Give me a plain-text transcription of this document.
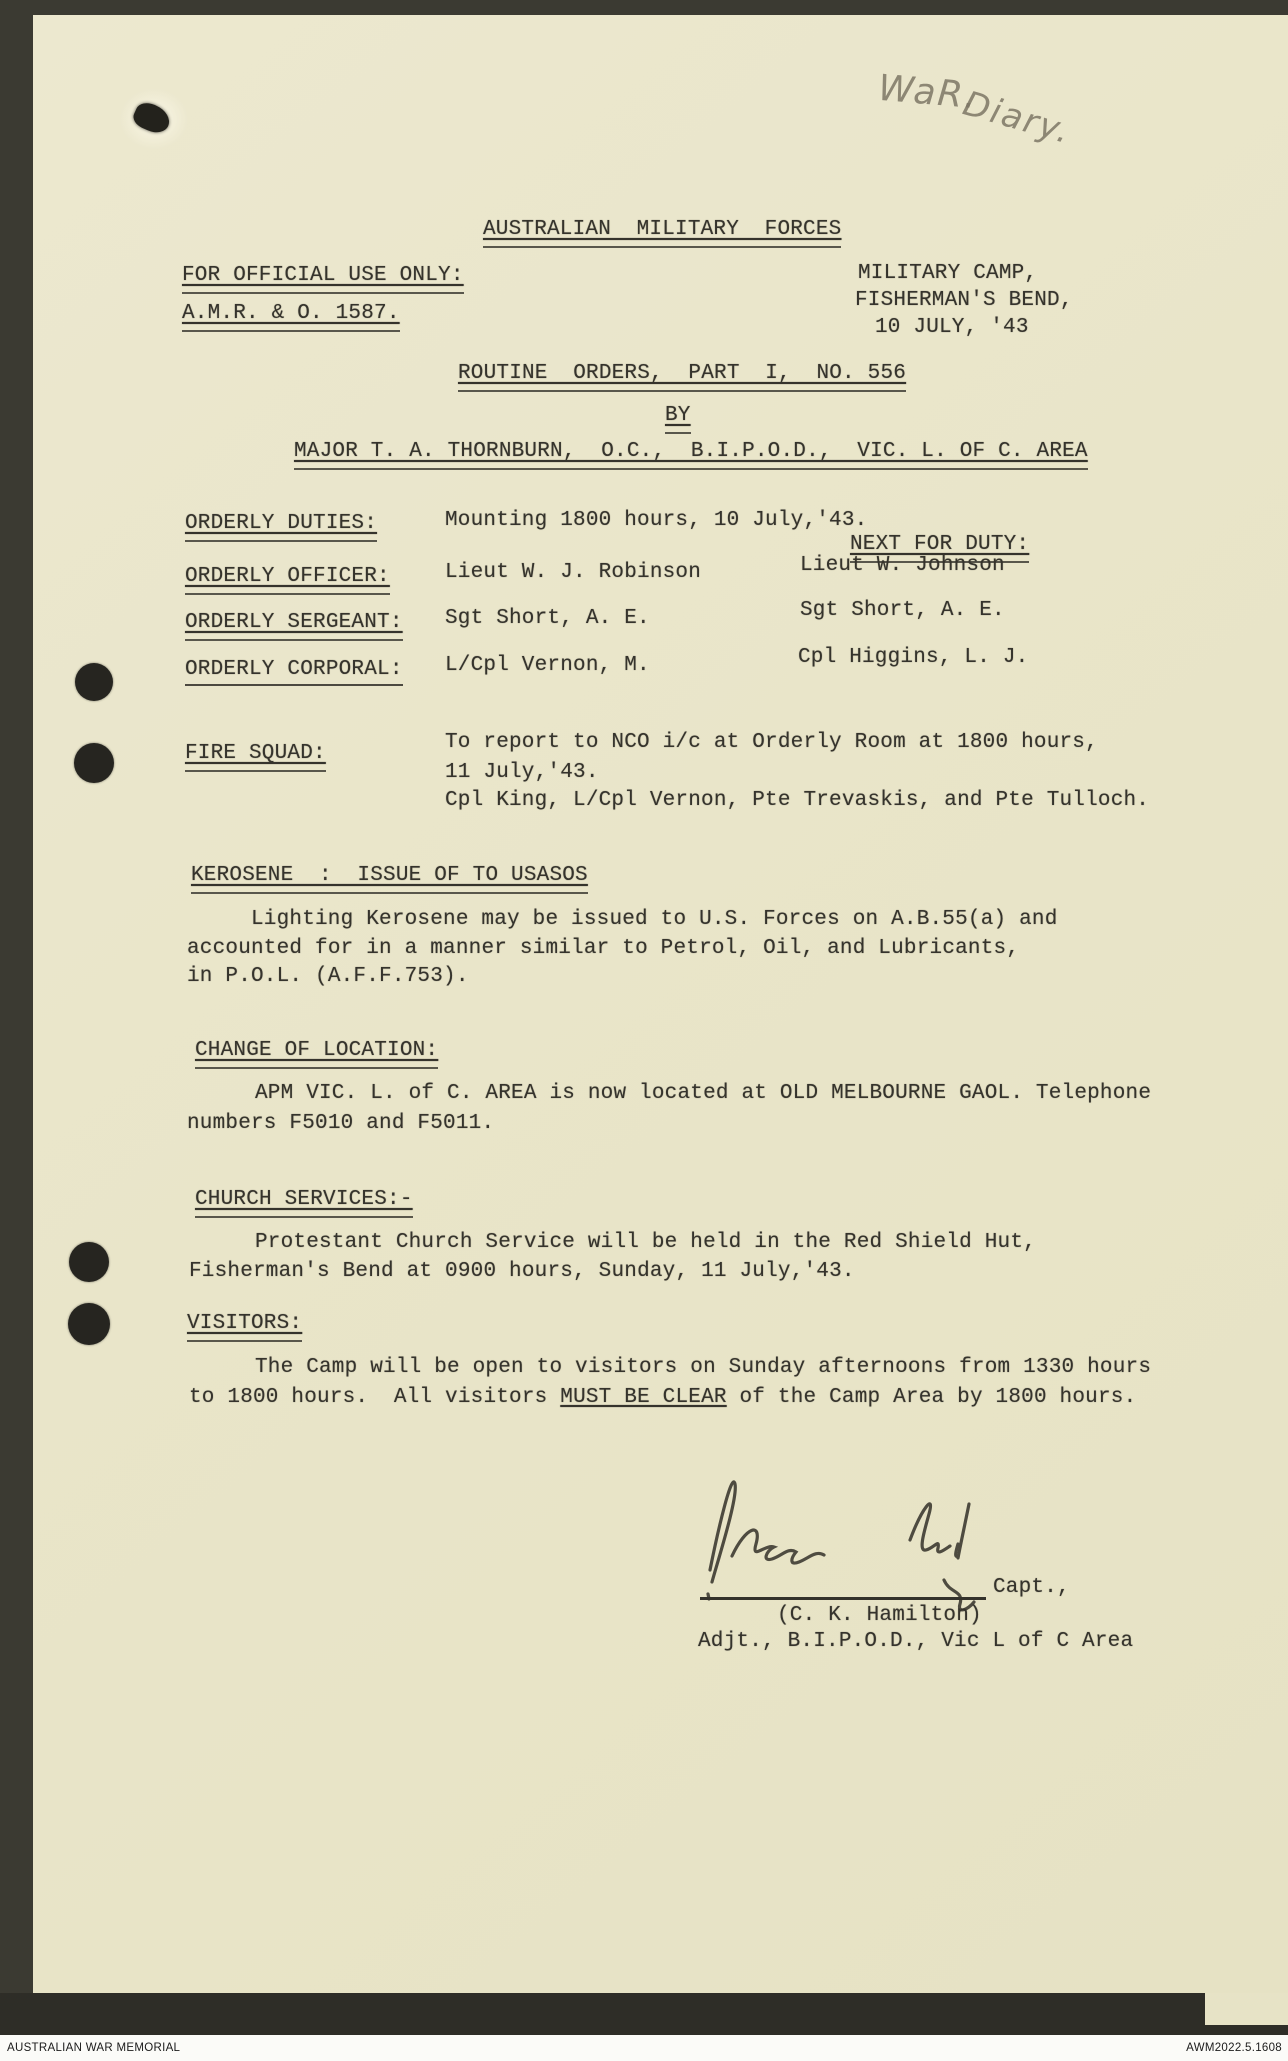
WaR.
Diary.
AUSTRALIAN  MILITARY  FORCES
FOR OFFICIAL USE ONLY:
A.M.R. & O. 1587.
MILITARY CAMP,
FISHERMAN'S BEND,
10 JULY, '43
ROUTINE  ORDERS,  PART  I,  NO. 556
BY
MAJOR T. A. THORNBURN,  O.C.,  B.I.P.O.D.,  VIC. L. OF C. AREA
ORDERLY DUTIES:	Mounting 1800 hours, 10 July,'43.
NEXT FOR DUTY:
ORDERLY OFFICER:	Lieut W. J. Robinson	Lieut W. Johnson
ORDERLY SERGEANT: Sgt Short, A. E.	Sgt Short, A. E.
ORDERLY CORPORAL: L/Cpl Vernon, M.	Cpl Higgins, L. J.
FIRE SQUAD:	To report to NCO i/c at Orderly Room at 1800 hours,
11 July,'43.
Cpl King, L/Cpl Vernon, Pte Trevaskis, and Pte Tulloch.
KEROSENE  :  ISSUE OF TO USASOS
Lighting Kerosene may be issued to U.S. Forces on A.B.55(a) and
accounted for in a manner similar to Petrol, Oil, and Lubricants,
in P.O.L. (A.F.F.753).
CHANGE OF LOCATION:
APM VIC. L. of C. AREA is now located at OLD MELBOURNE GAOL. Telephone
numbers F5010 and F5011.
CHURCH SERVICES:-
Protestant Church Service will be held in the Red Shield Hut,
Fisherman's Bend at 0900 hours, Sunday, 11 July,'43.
VISITORS:
The Camp will be open to visitors on Sunday afternoons from 1330 hours
to 1800 hours.  All visitors MUST BE CLEAR of the Camp Area by 1800 hours.
Capt.,
(C. K. Hamilton)
Adjt., B.I.P.O.D., Vic L of C Area
AUSTRALIAN WAR MEMORIAL	AWM2022.5.1608
